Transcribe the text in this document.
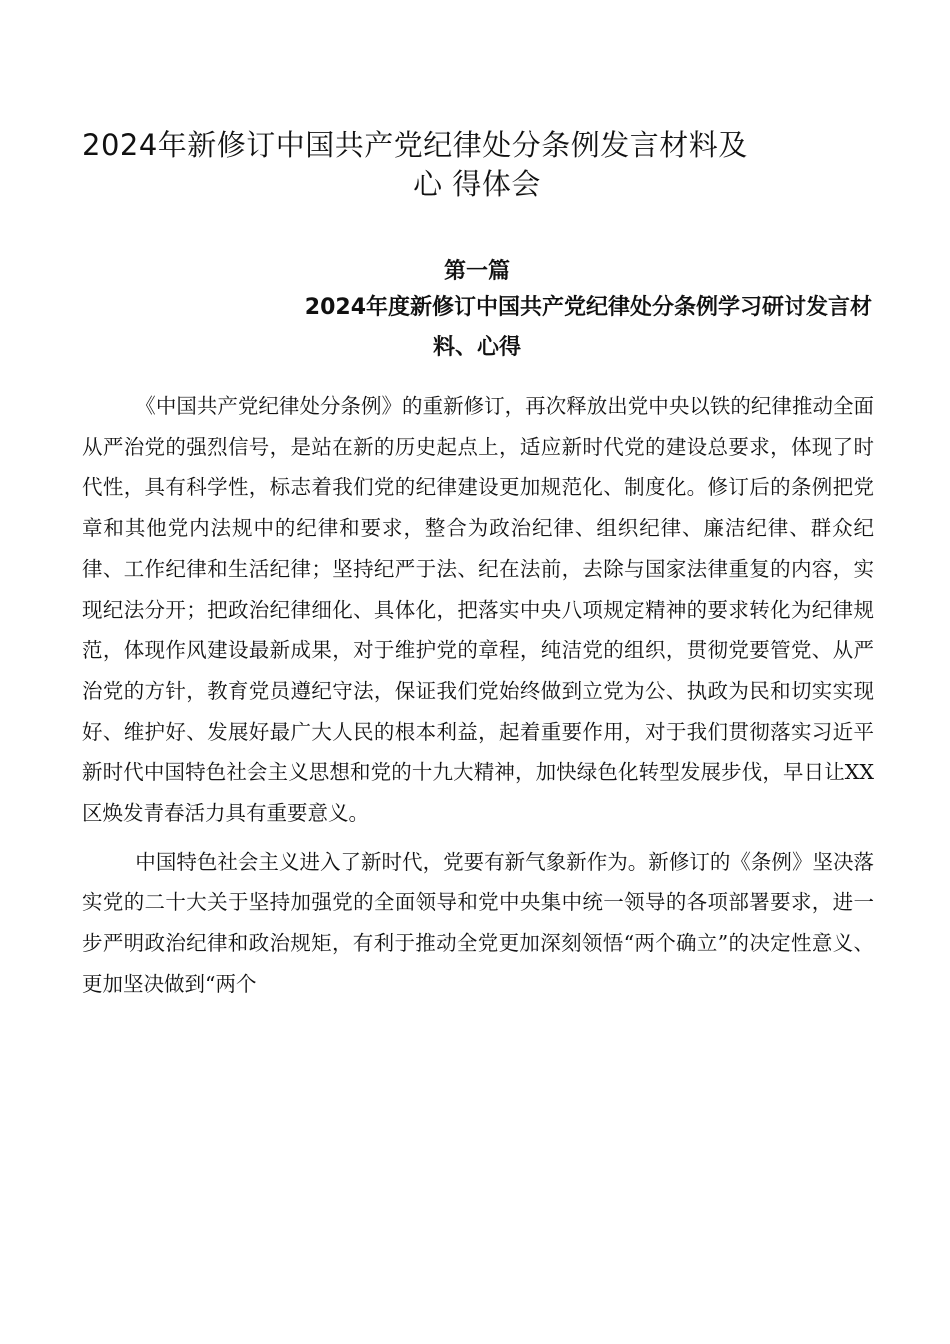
2024年新修订中国共产党纪律处分条例发言材料及
心 得体会
第一篇
2024年度新修订中国共产党纪律处分条例学习研讨发言材
料、心得

《中国共产党纪律处分条例》的重新修订，再次释放出党中央以铁的纪律推动全面从严治党的强烈信号，是站在新的历史起点上，适应新时代党的建设总要求，体现了时代性，具有科学性，标志着我们党的纪律建设更加规范化、制度化。修订后的条例把党章和其他党内法规中的纪律和要求，整合为政治纪律、组织纪律、廉洁纪律、群众纪律、工作纪律和生活纪律；坚持纪严于法、纪在法前，去除与国家法律重复的内容，实现纪法分开；把政治纪律细化、具体化，把落实中央八项规定精神的要求转化为纪律规范，体现作风建设最新成果，对于维护党的章程，纯洁党的组织，贯彻党要管党、从严治党的方针，教育党员遵纪守法，保证我们党始终做到立党为公、执政为民和切实实现好、维护好、发展好最广大人民的根本利益，起着重要作用，对于我们贯彻落实习近平新时代中国特色社会主义思想和党的十九大精神，加快绿色化转型发展步伐，早日让XX 区焕发青春活力具有重要意义。

中国特色社会主义进入了新时代，党要有新气象新作为。新修订的《条例》坚决落实党的二十大关于坚持加强党的全面领导和党中央集中统一领导的各项部署要求，进一步严明政治纪律和政治规矩，有利于推动全党更加深刻领悟“两个确立”的决定性意义、更加坚决做到“两个
